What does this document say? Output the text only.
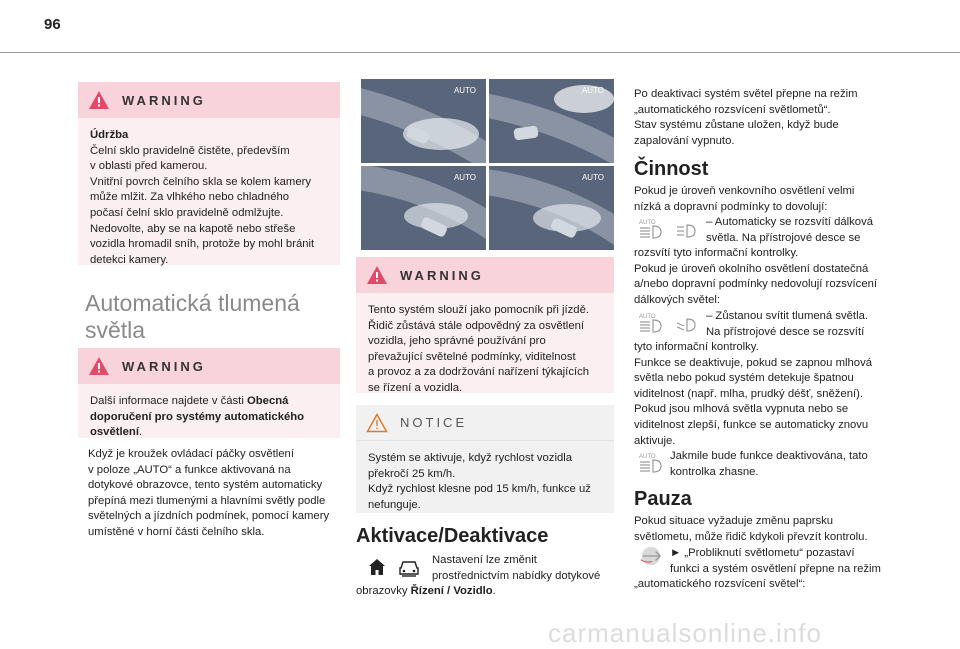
96
WARNING
Údržba
Čelní sklo pravidelně čistěte, především
v oblasti před kamerou.
Vnitřní povrch čelního skla se kolem kamery
může mlžit. Za vlhkého nebo chladného
počasí čelní sklo pravidelně odmlžujte.
Nedovolte, aby se na kapotě nebo střeše
vozidla hromadil sníh, protože by mohl bránit
detekci kamery.
Automatická tlumená
světla
WARNING
Další informace najdete v části Obecná doporučení pro systémy automatického osvětlení.
Když je kroužek ovládací páčky osvětlení
v poloze „AUTO“ a funkce aktivovaná na
dotykové obrazovce, tento systém automaticky
přepíná mezi tlumenými a hlavními světly podle
světelných a jízdních podmínek, pomocí kamery
umístěné v horní části čelního skla.
AUTO	AUTO
AUTO	AUTO
WARNING
Tento systém slouží jako pomocník při jízdě.
Řidič zůstává stále odpovědný za osvětlení
vozidla, jeho správné používání pro
převažující světelné podmínky, viditelnost
a provoz a za dodržování nařízení týkajících
se řízení a vozidla.
NOTICE
Systém se aktivuje, když rychlost vozidla
překročí 25 km/h.
Když rychlost klesne pod 15 km/h, funkce už
nefunguje.
Aktivace/Deaktivace
Nastavení lze změnit
prostřednictvím nabídky dotykové
obrazovky Řízení / Vozidlo.
Po deaktivaci systém světel přepne na režim
„automatického rozsvícení světlometů“.
Stav systému zůstane uložen, když bude
zapalování vypnuto.
Činnost
Pokud je úroveň venkovního osvětlení velmi
nízká a dopravní podmínky to dovolují:
AUTO	– Automaticky se rozsvítí dálková
světla. Na přístrojové desce se
rozsvítí tyto informační kontrolky.
Pokud je úroveň okolního osvětlení dostatečná
a/nebo dopravní podmínky nedovolují rozsvícení
dálkových světel:
AUTO	– Zůstanou svítit tlumená světla.
Na přístrojové desce se rozsvítí
tyto informační kontrolky.
Funkce se deaktivuje, pokud se zapnou mlhová
světla nebo pokud systém detekuje špatnou
viditelnost (např. mlha, prudký déšť, sněžení).
Pokud jsou mlhová světla vypnuta nebo se
viditelnost zlepší, funkce se automaticky znovu
aktivuje.
AUTO Jakmile bude funkce deaktivována, tato
kontrolka zhasne.
Pauza
Pokud situace vyžaduje změnu paprsku
světlometu, může řidič kdykoli převzít kontrolu.
► „Probliknutí světlometu“ pozastaví
funkci a systém osvětlení přepne na režim
„automatického rozsvícení světel“:
carmanualsonline.info
